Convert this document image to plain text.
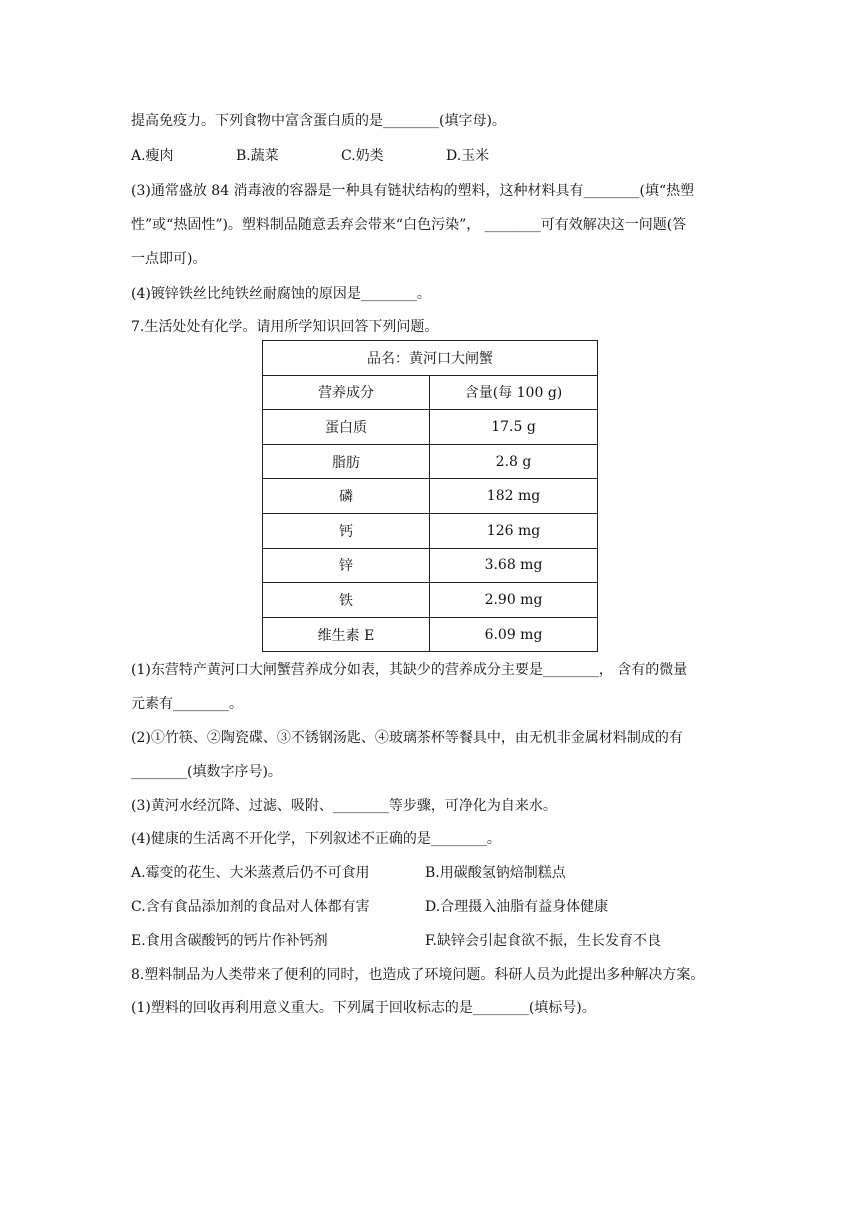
提高免疫力。下列食物中富含蛋白质的是________(填字母)。
A.瘦肉	B.蔬菜	C.奶类	D.玉米
(3)通常盛放 84 消毒液的容器是一种具有链状结构的塑料，这种材料具有________(填“热塑
性”或“热固性”)。塑料制品随意丢弃会带来“白色污染”， ________可有效解决这一问题(答
一点即可)。
(4)镀锌铁丝比纯铁丝耐腐蚀的原因是________。
7.生活处处有化学。请用所学知识回答下列问题。
品名：黄河口大闸蟹	
营养成分	含量(每 100 g)
蛋白质	17.5 g
脂肪	2.8 g
磷	182 mg
钙	126 mg
锌	3.68 mg
铁	2.90 mg
维生素 E	6.09 mg
(1)东营特产黄河口大闸蟹营养成分如表，其缺少的营养成分主要是________， 含有的微量
元素有________。
(2)①竹筷、②陶瓷碟、③不锈钢汤匙、④玻璃茶杯等餐具中，由无机非金属材料制成的有
________(填数字序号)。
(3)黄河水经沉降、过滤、吸附、________等步骤，可净化为自来水。
(4)健康的生活离不开化学，下列叙述不正确的是________。
A.霉变的花生、大米蒸煮后仍不可食用	B.用碳酸氢钠焙制糕点
C.含有食品添加剂的食品对人体都有害	D.合理摄入油脂有益身体健康
E.食用含碳酸钙的钙片作补钙剂	F.缺锌会引起食欲不振，生长发育不良
8.塑料制品为人类带来了便利的同时，也造成了环境问题。科研人员为此提出多种解决方案。
(1)塑料的回收再利用意义重大。下列属于回收标志的是________(填标号)。
